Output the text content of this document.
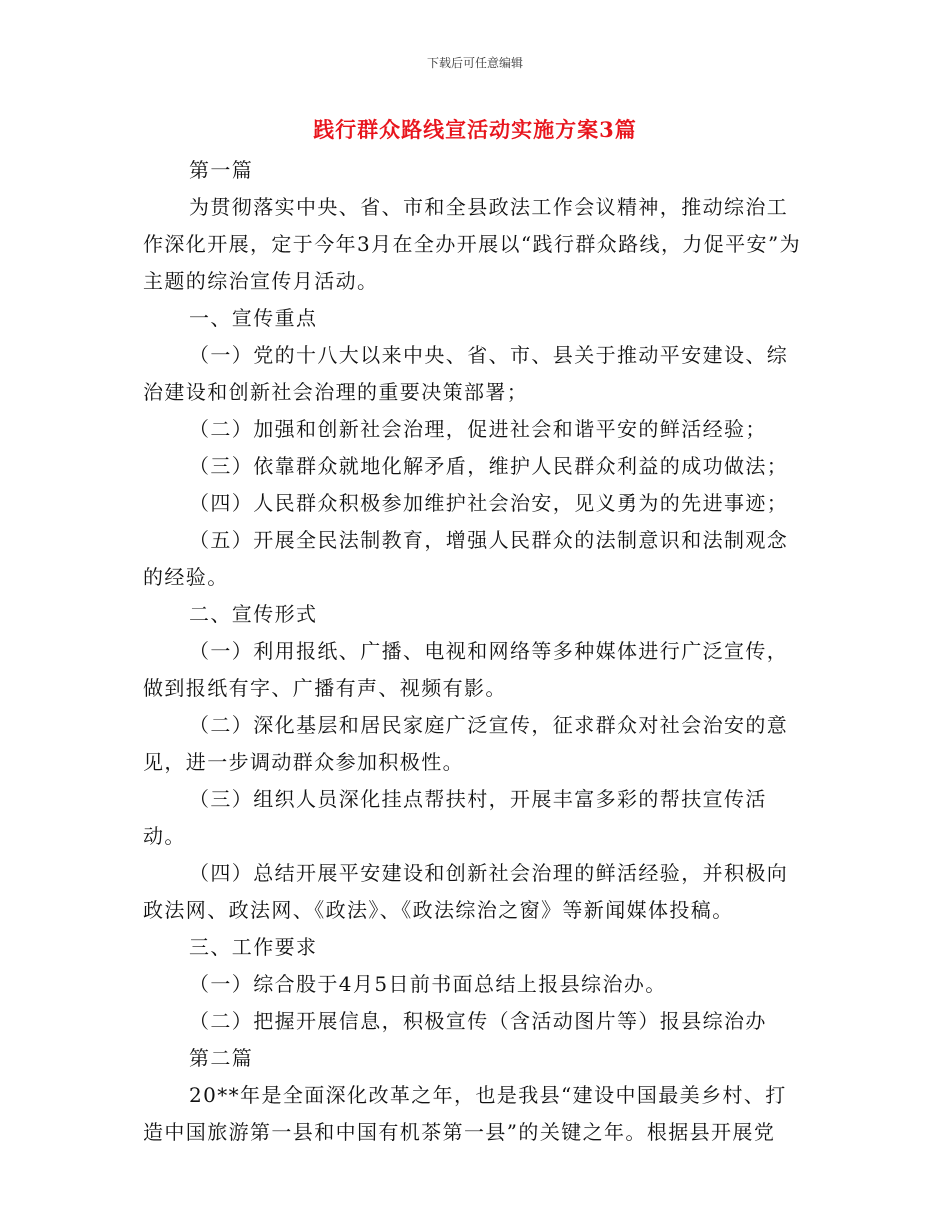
下载后可任意编辑
践行群众路线宣活动实施方案3篇

第一篇

为贯彻落实中央、省、市和全县政法工作会议精神，推动综治工作深化开展，定于今年3月在全办开展以“践行群众路线，力促平安”为主题的综治宣传月活动。

一、宣传重点

（一）党的十八大以来中央、省、市、县关于推动平安建设、综治建设和创新社会治理的重要决策部署；

（二）加强和创新社会治理，促进社会和谐平安的鲜活经验；

（三）依靠群众就地化解矛盾，维护人民群众利益的成功做法；

（四）人民群众积极参加维护社会治安，见义勇为的先进事迹；

（五）开展全民法制教育，增强人民群众的法制意识和法制观念的经验。

二、宣传形式

（一）利用报纸、广播、电视和网络等多种媒体进行广泛宣传，做到报纸有字、广播有声、视频有影。

（二）深化基层和居民家庭广泛宣传，征求群众对社会治安的意见，进一步调动群众参加积极性。

（三）组织人员深化挂点帮扶村，开展丰富多彩的帮扶宣传活动。

（四）总结开展平安建设和创新社会治理的鲜活经验，并积极向政法网、政法网、《政法》、《政法综治之窗》等新闻媒体投稿。

三、工作要求

（一）综合股于4月5日前书面总结上报县综治办。

（二）把握开展信息，积极宣传（含活动图片等）报县综治办

第二篇

20**年是全面深化改革之年，也是我县“建设中国最美乡村、打造中国旅游第一县和中国有机茶第一县”的关键之年。根据县开展党
